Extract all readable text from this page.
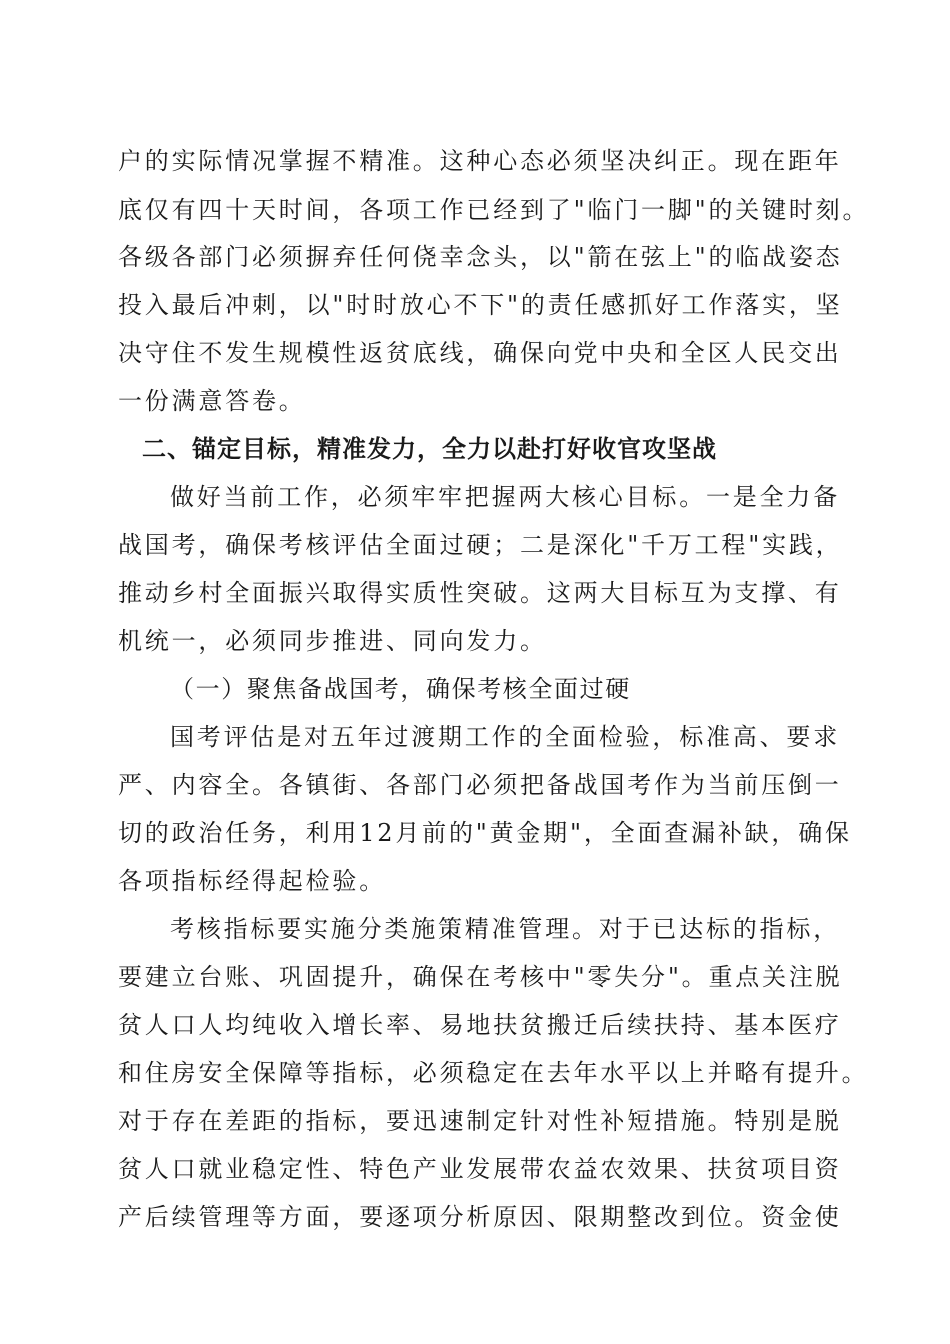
户的实际情况掌握不精准。这种心态必须坚决纠正。现在距年
底仅有四十天时间，各项工作已经到了"临门一脚"的关键时刻。
各级各部门必须摒弃任何侥幸念头，以"箭在弦上"的临战姿态
投入最后冲刺，以"时时放心不下"的责任感抓好工作落实，坚
决守住不发生规模性返贫底线，确保向党中央和全区人民交出
一份满意答卷。
二、锚定目标，精准发力，全力以赴打好收官攻坚战
做好当前工作，必须牢牢把握两大核心目标。一是全力备
战国考，确保考核评估全面过硬；二是深化"千万工程"实践，
推动乡村全面振兴取得实质性突破。这两大目标互为支撑、有
机统一，必须同步推进、同向发力。
（一）聚焦备战国考，确保考核全面过硬
国考评估是对五年过渡期工作的全面检验，标准高、要求
严、内容全。各镇街、各部门必须把备战国考作为当前压倒一
切的政治任务，利用12月前的"黄金期"，全面查漏补缺，确保
各项指标经得起检验。
考核指标要实施分类施策精准管理。对于已达标的指标，
要建立台账、巩固提升，确保在考核中"零失分"。重点关注脱
贫人口人均纯收入增长率、易地扶贫搬迁后续扶持、基本医疗
和住房安全保障等指标，必须稳定在去年水平以上并略有提升。
对于存在差距的指标，要迅速制定针对性补短措施。特别是脱
贫人口就业稳定性、特色产业发展带农益农效果、扶贫项目资
产后续管理等方面，要逐项分析原因、限期整改到位。资金使
